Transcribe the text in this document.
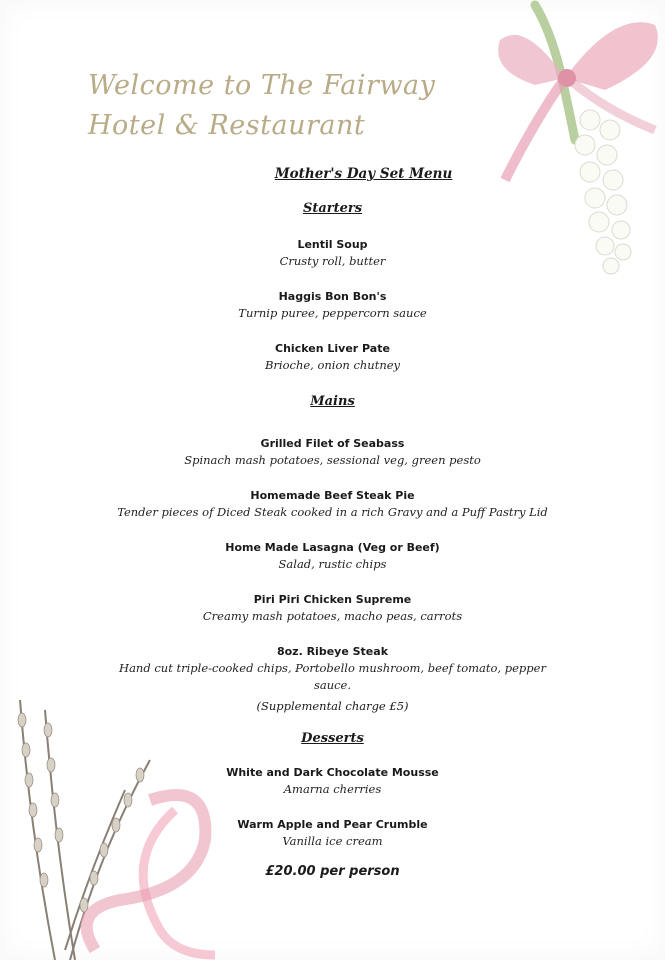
Welcome to The Fairway
Hotel & Restaurant
Mother's Day Set Menu
Starters
Lentil Soup
Crusty roll, butter
Haggis Bon Bon's
Turnip puree, peppercorn sauce
Chicken Liver Pate
Brioche, onion chutney
Mains
Grilled Filet of Seabass
Spinach mash potatoes, sessional veg, green pesto
Homemade Beef Steak Pie
Tender pieces of Diced Steak cooked in a rich Gravy and a Puff Pastry Lid
Home Made Lasagna (Veg or Beef)
Salad, rustic chips
Piri Piri Chicken Supreme
Creamy mash potatoes, macho peas, carrots
8oz. Ribeye Steak
Hand cut triple-cooked chips, Portobello mushroom, beef tomato, pepper
sauce.
(Supplemental charge £5)
Desserts
White and Dark Chocolate Mousse
Amarna cherries
Warm Apple and Pear Crumble
Vanilla ice cream
£20.00 per person
